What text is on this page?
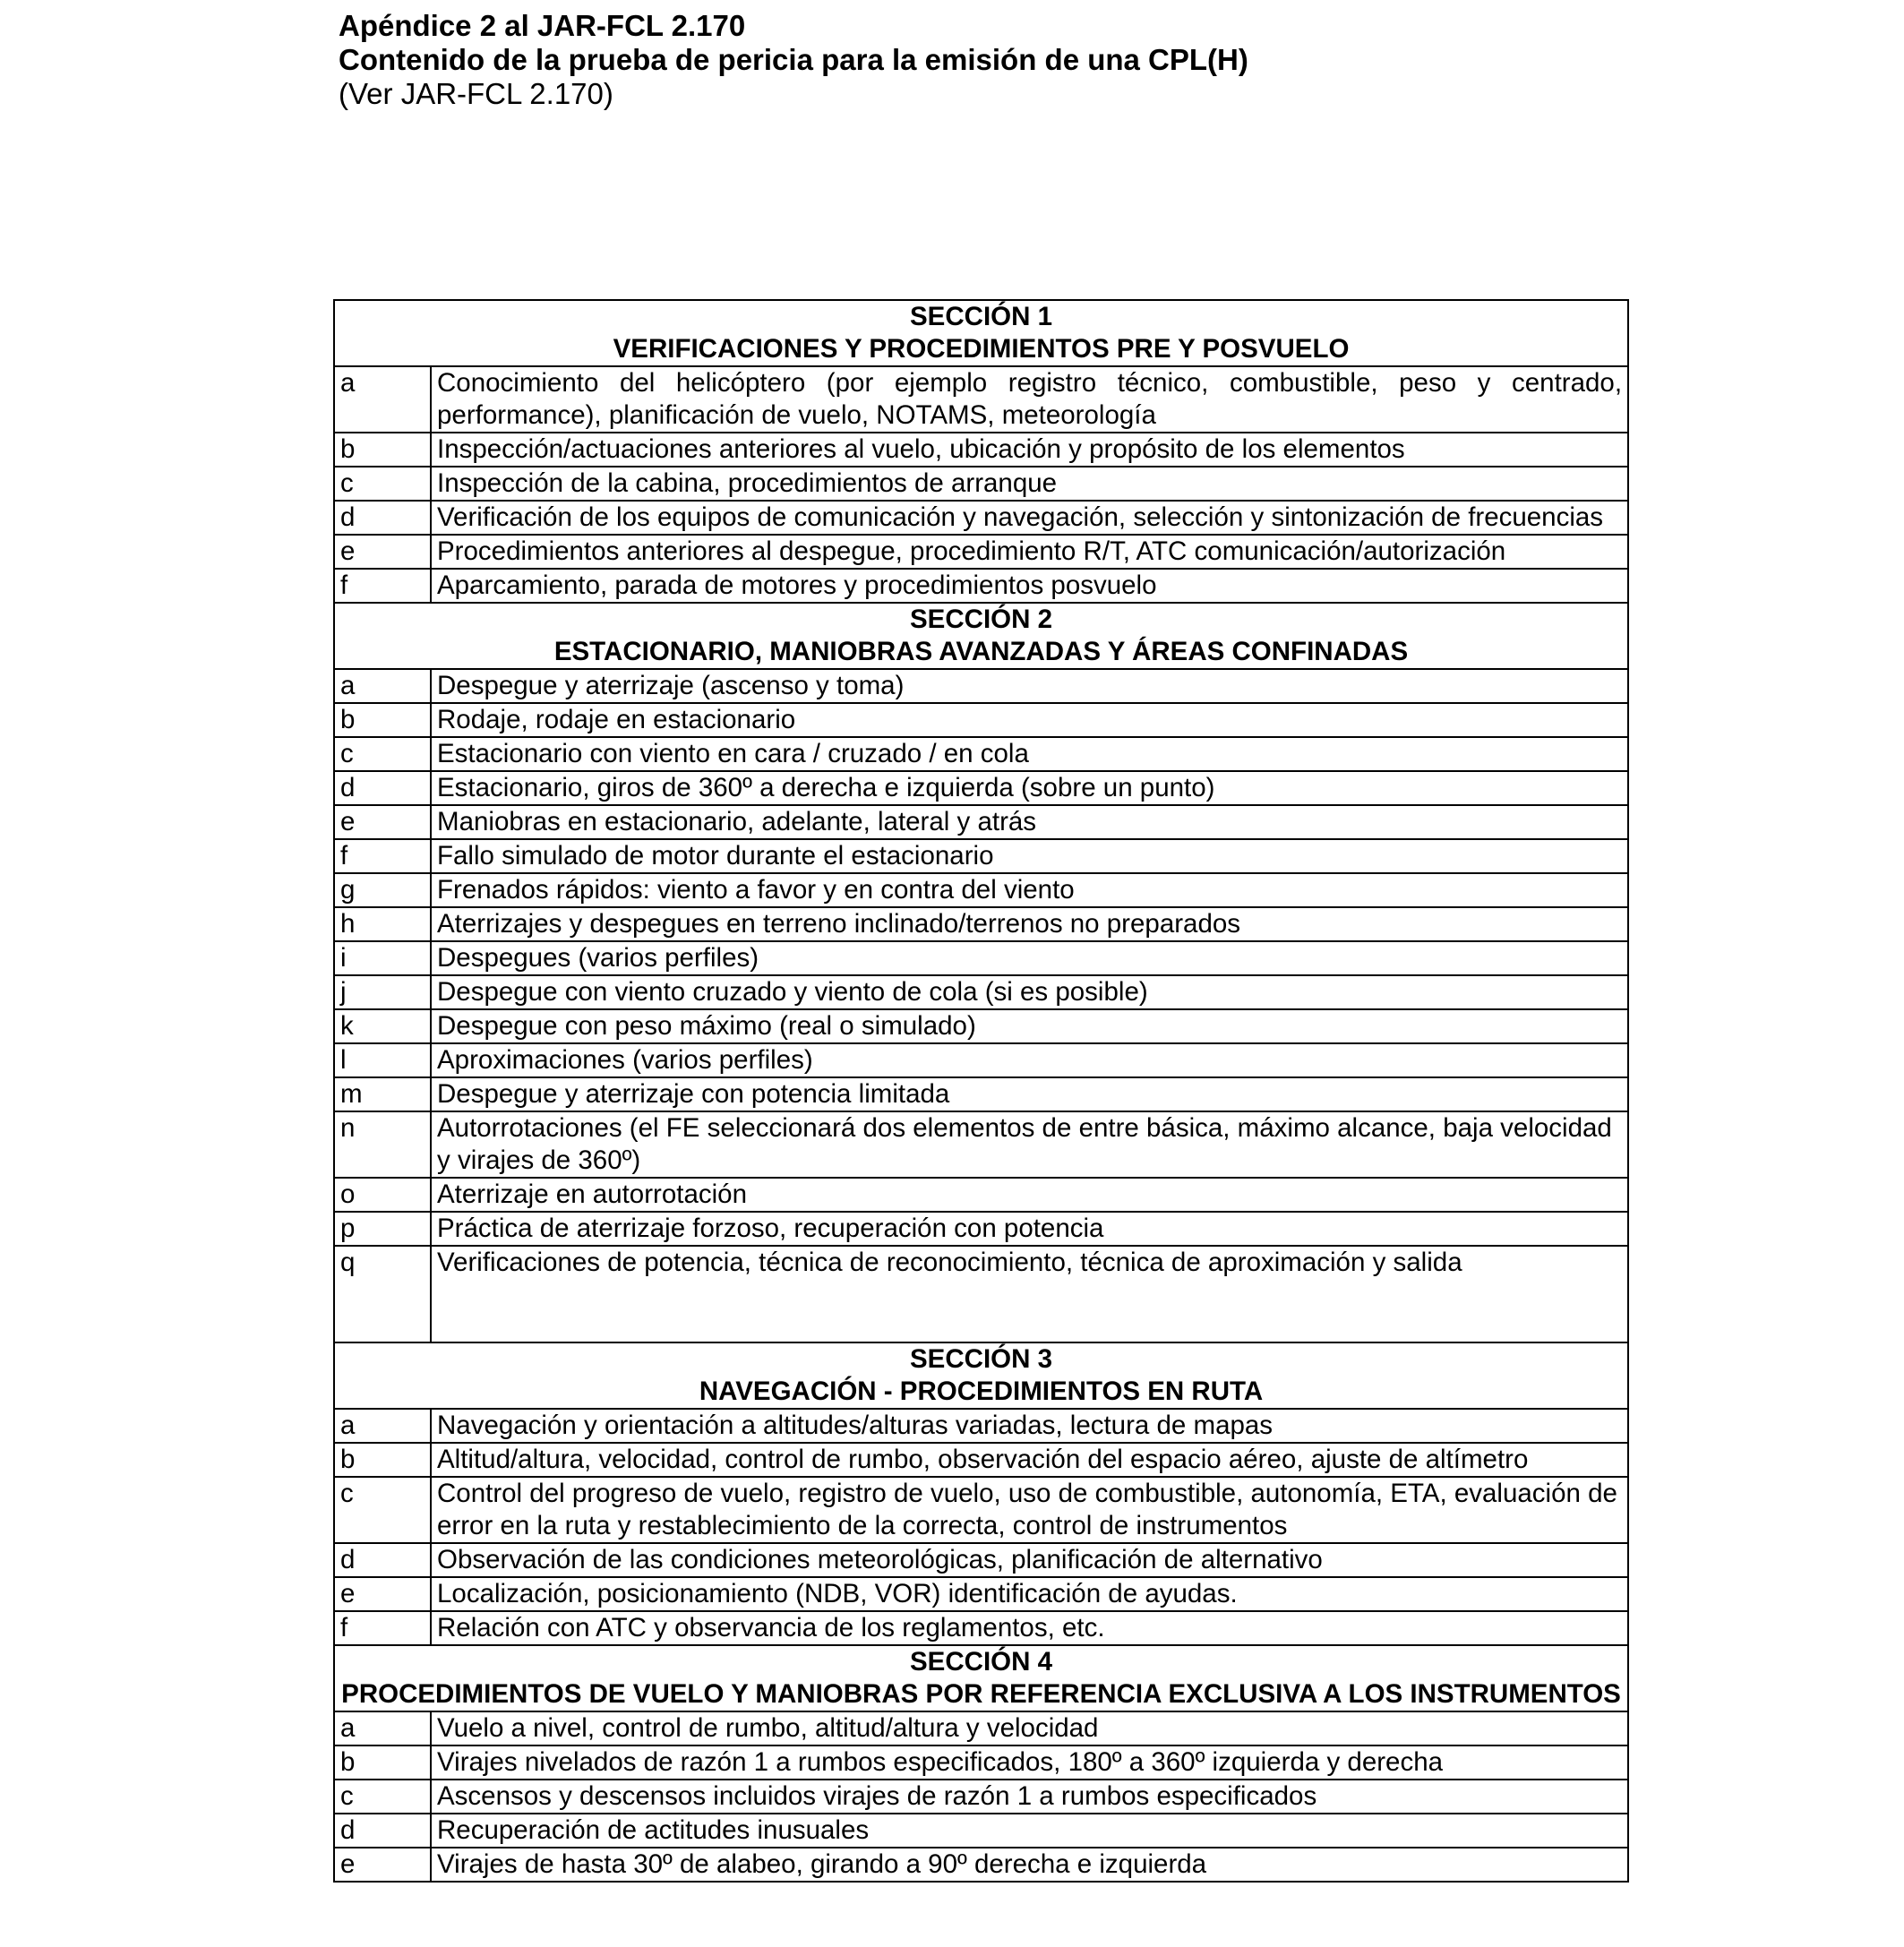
Apéndice 2 al JAR-FCL 2.170
Contenido de la prueba de pericia para la emisión de una CPL(H)
(Ver JAR-FCL 2.170)
SECCIÓN 1
VERIFICACIONES Y PROCEDIMIENTOS PRE Y POSVUELO	

a	Conocimiento del helicóptero (por ejemplo registro técnico, combustible, peso y centrado, performance), planificación de vuelo, NOTAMS, meteorología
b	Inspección/actuaciones anteriores al vuelo, ubicación y propósito de los elementos
c	Inspección de la cabina, procedimientos de arranque
d	Verificación de los equipos de comunicación y navegación, selección y sintonización de frecuencias
e	Procedimientos anteriores al despegue, procedimiento R/T, ATC comunicación/autorización
f	Aparcamiento, parada de motores y procedimientos posvuelo

SECCIÓN 2
ESTACIONARIO, MANIOBRAS AVANZADAS Y ÁREAS CONFINADAS	

a	Despegue y aterrizaje (ascenso y toma)
b	Rodaje, rodaje en estacionario
c	Estacionario con viento en cara / cruzado / en cola
d	Estacionario, giros de 360º a derecha e izquierda (sobre un punto)
e	Maniobras en estacionario, adelante, lateral y atrás
f	Fallo simulado de motor durante el estacionario
g	Frenados rápidos: viento a favor y en contra del viento
h	Aterrizajes y despegues en terreno inclinado/terrenos no preparados
i	Despegues (varios perfiles)
j	Despegue con viento cruzado y viento de cola (si es posible)
k	Despegue con peso máximo (real o simulado)
l	Aproximaciones (varios perfiles)
m	Despegue y aterrizaje con potencia limitada
n	Autorrotaciones (el FE seleccionará dos elementos de entre básica, máximo alcance, baja velocidad y virajes de 360º)
o	Aterrizaje en autorrotación
p	Práctica de aterrizaje forzoso, recuperación con potencia
q	Verificaciones de potencia, técnica de reconocimiento, técnica de aproximación y salida

SECCIÓN 3
NAVEGACIÓN - PROCEDIMIENTOS EN RUTA	

a	Navegación y orientación a altitudes/alturas variadas, lectura de mapas
b	Altitud/altura, velocidad, control de rumbo, observación del espacio aéreo, ajuste de altímetro
c	Control del progreso de vuelo, registro de vuelo, uso de combustible, autonomía, ETA, evaluación de error en la ruta y restablecimiento de la correcta, control de instrumentos
d	Observación de las condiciones meteorológicas, planificación de alternativo
e	Localización, posicionamiento (NDB, VOR) identificación de ayudas.
f	Relación con ATC y observancia de los reglamentos, etc.

SECCIÓN 4
PROCEDIMIENTOS DE VUELO Y MANIOBRAS POR REFERENCIA EXCLUSIVA A LOS INSTRUMENTOS	

a	Vuelo a nivel, control de rumbo, altitud/altura y velocidad
b	Virajes nivelados de razón 1 a rumbos especificados, 180º a 360º izquierda y derecha
c	Ascensos y descensos incluidos virajes de razón 1 a rumbos especificados
d	Recuperación de actitudes inusuales
e	Virajes de hasta 30º de alabeo, girando a 90º derecha e izquierda
